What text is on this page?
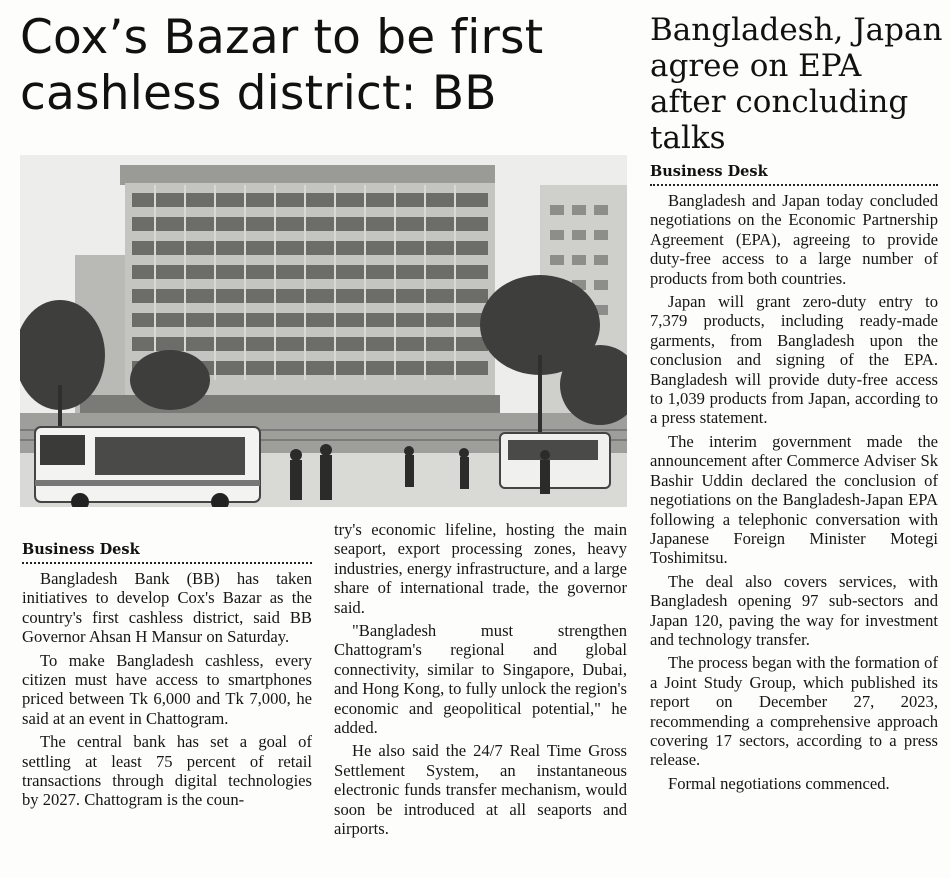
Cox’s Bazar to be first cashless district: BB
Business Desk

Bangladesh Bank (BB) has taken initiatives to develop Cox's Bazar as the country's first cashless district, said BB Governor Ahsan H Mansur on Saturday.

To make Bangladesh cashless, every citizen must have access to smartphones priced between Tk 6,000 and Tk 7,000, he said at an event in Chattogram.

The central bank has set a goal of settling at least 75 percent of retail transactions through digital technologies by 2027. Chattogram is the coun-

try's economic lifeline, hosting the main seaport, export processing zones, heavy industries, energy infrastructure, and a large share of international trade, the governor said.

"Bangladesh must strengthen Chattogram's regional and global connectivity, similar to Singapore, Dubai, and Hong Kong, to fully unlock the region's economic and geopolitical potential," he added.

He also said the 24/7 Real Time Gross Settlement System, an instantaneous electronic funds transfer mechanism, would soon be introduced at all seaports and airports.

Bangladesh, Japan agree on EPA after concluding talks
Business Desk

Bangladesh and Japan today concluded negotiations on the Economic Partnership Agreement (EPA), agreeing to provide duty-free access to a large number of products from both countries.

Japan will grant zero-duty entry to 7,379 products, including ready-made garments, from Bangladesh upon the conclusion and signing of the EPA. Bangladesh will provide duty-free access to 1,039 products from Japan, according to a press statement.

The interim government made the announcement after Commerce Adviser Sk Bashir Uddin declared the conclusion of negotiations on the Bangladesh-Japan EPA following a telephonic conversation with Japanese Foreign Minister Motegi Toshimitsu.

The deal also covers services, with Bangladesh opening 97 sub-sectors and Japan 120, paving the way for investment and technology transfer.

The process began with the formation of a Joint Study Group, which published its report on December 27, 2023, recommending a comprehensive approach covering 17 sectors, according to a press release.

Formal negotiations commenced.
